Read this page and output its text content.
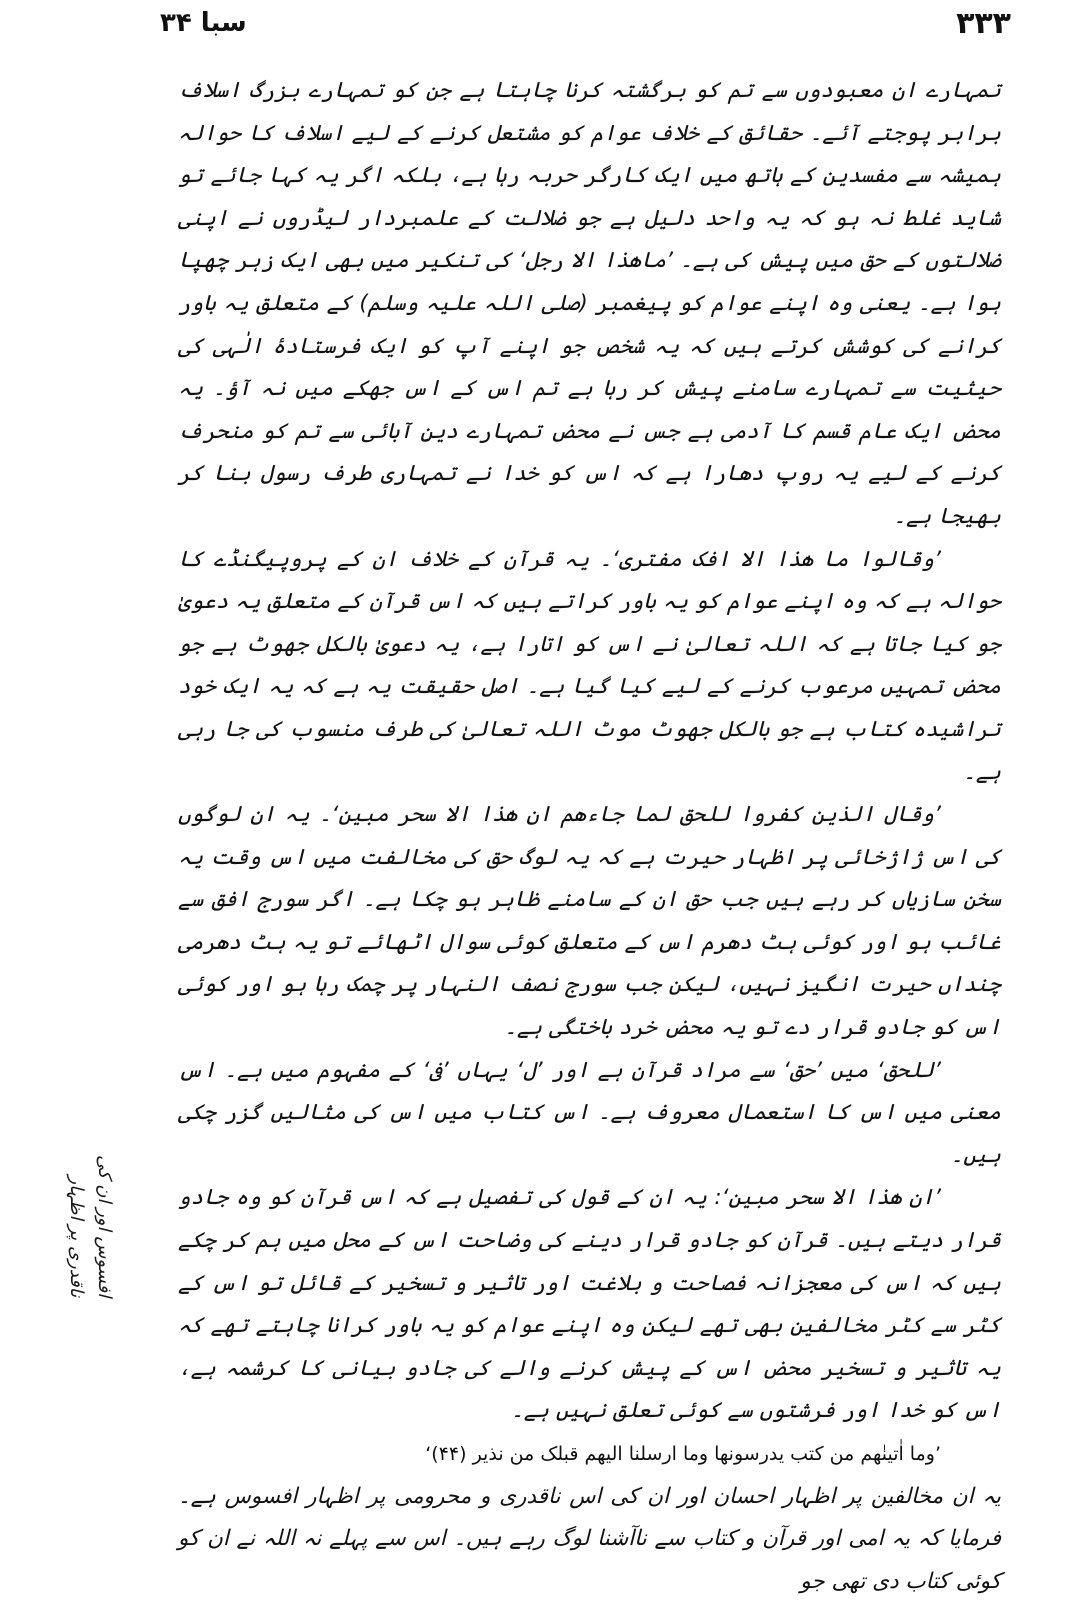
۳۳۳
سبا ۳۴

تمہارے ان معبودوں سے تم کو برگشتہ کرنا چاہتا ہے جن کو تمہارے بزرگ اسلاف برابر پوجتے آئے۔ حقائق کے خلاف عوام کو مشتعل کرنے کے لیے اسلاف کا حوالہ ہمیشہ سے مفسدین کے ہاتھ میں ایک کارگر حربہ رہا ہے، بلکہ اگر یہ کہا جائے تو شاید غلط نہ ہو کہ یہ واحد دلیل ہے جو ضلالت کے علمبردار لیڈروں نے اپنی ضلالتوں کے حق میں پیش کی ہے۔ ’ماھٰذا الا رجل‘ کی تنکیر میں بھی ایک زہر چھپا ہوا ہے۔ یعنی وہ اپنے عوام کو پیغمبر (صلی اللہ علیہ وسلم) کے متعلق یہ باور کرانے کی کوشش کرتے ہیں کہ یہ شخص جو اپنے آپ کو ایک فرستادۂ الٰہی کی حیثیت سے تمہارے سامنے پیش کر رہا ہے تم اس کے اس جھکے میں نہ آؤ۔ یہ محض ایک عام قسم کا آدمی ہے جس نے محض تمہارے دینِ آبائی سے تم کو منحرف کرنے کے لیے یہ روپ دھارا ہے کہ اس کو خدا نے تمہاری طرف رسول بنا کر بھیجا ہے۔

’وقالوا ما ھٰذا الا افک مفتری‘۔ یہ قرآن کے خلاف ان کے پروپیگنڈے کا حوالہ ہے کہ وہ اپنے عوام کو یہ باور کراتے ہیں کہ اس قرآن کے متعلق یہ دعویٰ جو کیا جاتا ہے کہ اللہ تعالیٰ نے اس کو اتارا ہے، یہ دعویٰ بالکل جھوٹ ہے جو محض تمہیں مرعوب کرنے کے لیے کیا گیا ہے۔ اصل حقیقت یہ ہے کہ یہ ایک خود تراشیدہ کتاب ہے جو بالکل جھوٹ موٹ اللہ تعالیٰ کی طرف منسوب کی جا رہی ہے۔

’وقال الذین کفروا للحق لما جاءھم ان ھٰذا الا سحر مبین‘۔ یہ ان لوگوں کی اس ژاژخائی پر اظہار حیرت ہے کہ یہ لوگ حق کی مخالفت میں اس وقت یہ سخن سازیاں کر رہے ہیں جب حق ان کے سامنے ظاہر ہو چکا ہے۔ اگر سورج افق سے غائب ہو اور کوئی ہٹ دھرم اس کے متعلق کوئی سوال اٹھائے تو یہ ہٹ دھرمی چنداں حیرت انگیز نہیں، لیکن جب سورج نصف النہار پر چمک رہا ہو اور کوئی اس کو جادو قرار دے تو یہ محض خرد باختگی ہے۔

’للحق‘ میں ’حق‘ سے مراد قرآن ہے اور ’ل‘ یہاں ’فی‘ کے مفہوم میں ہے۔ اس معنی میں اس کا استعمال معروف ہے۔ اس کتاب میں اس کی مثالیں گزر چکی ہیں۔

’ان ھٰذا الا سحر مبین‘: یہ ان کے قول کی تفصیل ہے کہ اس قرآن کو وہ جادو قرار دیتے ہیں۔ قرآن کو جادو قرار دینے کی وضاحت اس کے محل میں ہم کر چکے ہیں کہ اس کی معجزانہ فصاحت و بلاغت اور تاثیر و تسخیر کے قائل تو اس کے کٹر سے کٹر مخالفین بھی تھے لیکن وہ اپنے عوام کو یہ باور کرانا چاہتے تھے کہ یہ تاثیر و تسخیر محض اس کے پیش کرنے والے کی جادو بیانی کا کرشمہ ہے، اس کو خدا اور فرشتوں سے کوئی تعلق نہیں ہے۔

’وما اٰتینٰھم من کتب یدرسونھا وما ارسلنا الیھم قبلک من نذیر (۴۴)‘

یہ ان مخالفین پر اظہار احسان اور ان کی اس ناقدری و محرومی پر اظہار افسوس ہے۔ فرمایا کہ یہ امی اور قرآن و کتاب سے ناآشنا لوگ رہے ہیں۔ اس سے پہلے نہ اللہ نے ان کو کوئی کتاب دی تھی جو

افسوس اور ان کی
ناقدری پر اظہار
